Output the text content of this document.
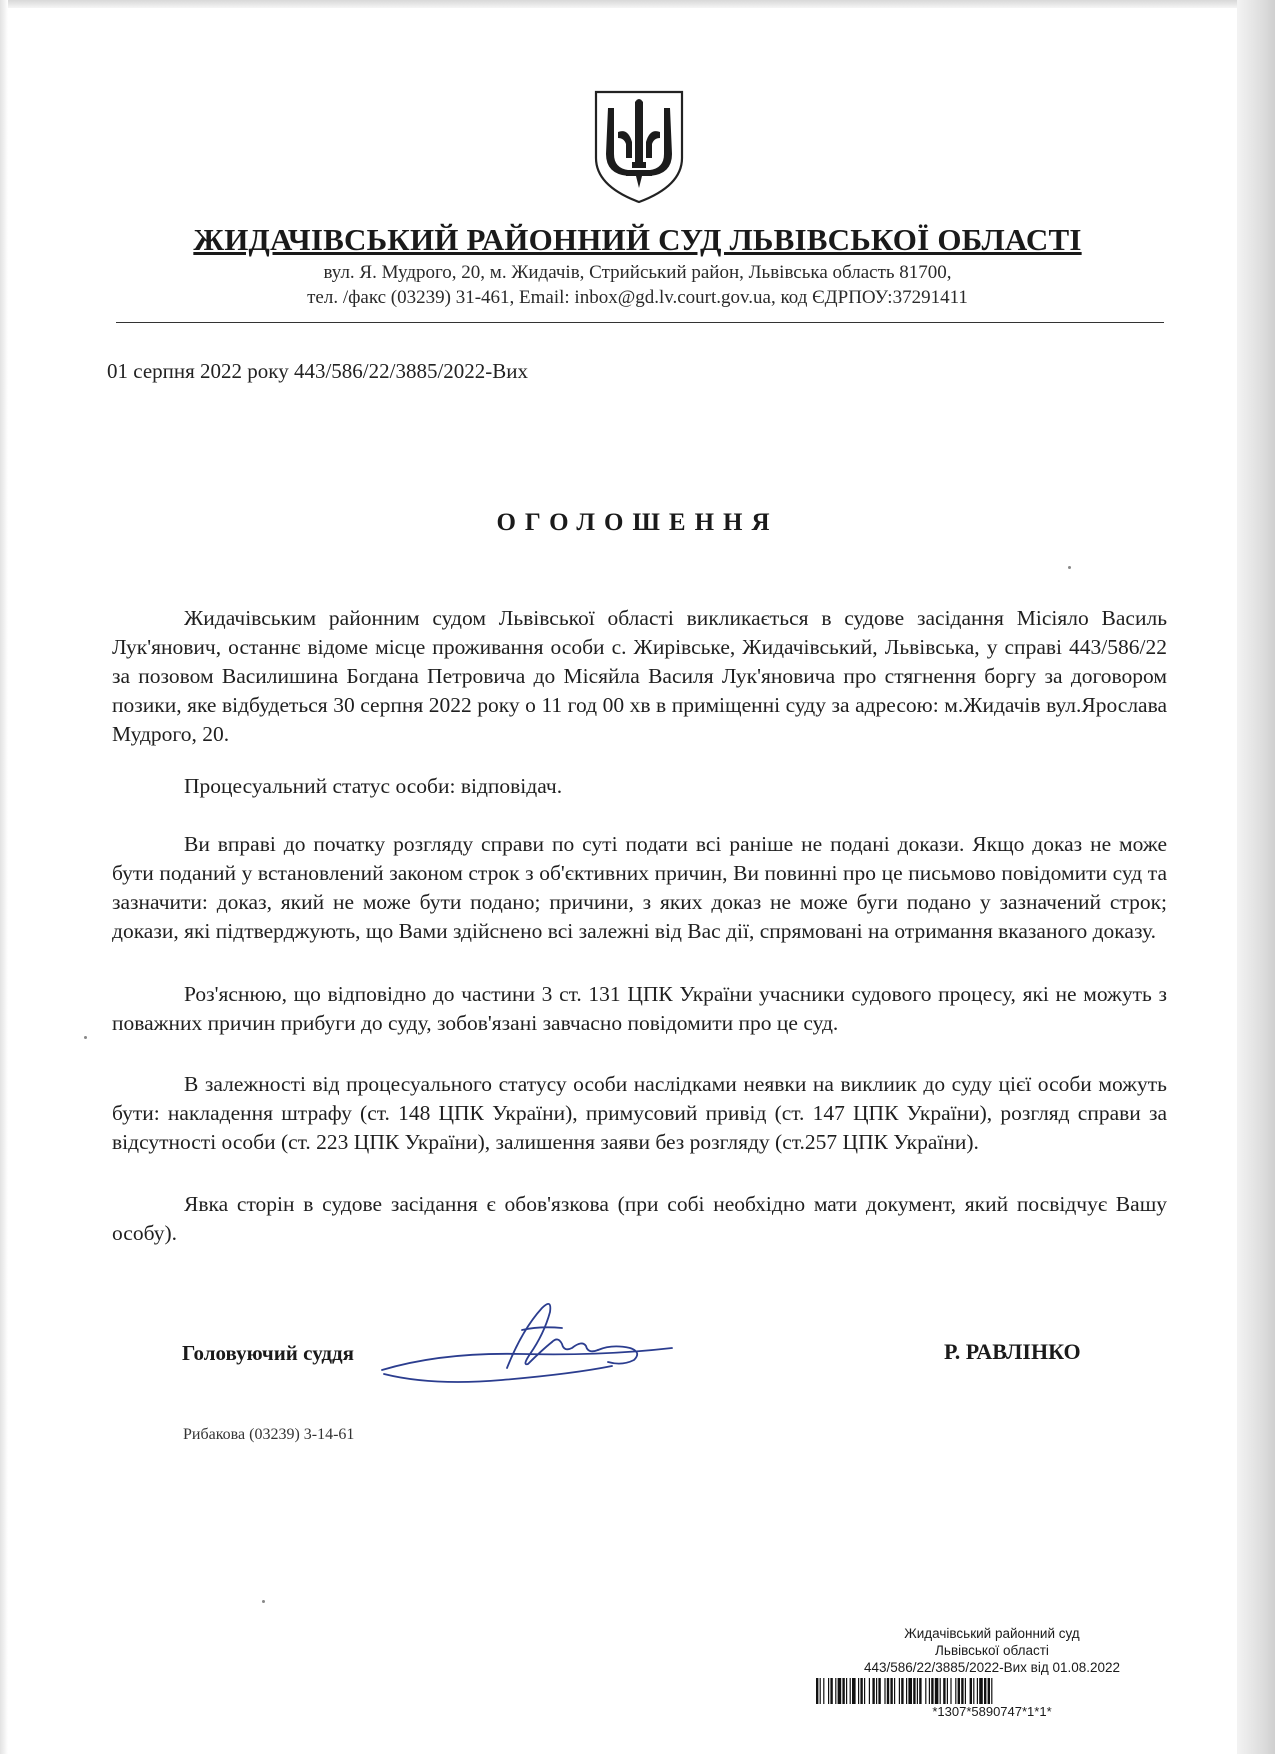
ЖИДАЧІВСЬКИЙ РАЙОННИЙ СУД ЛЬВІВСЬКОЇ ОБЛАСТІ
вул. Я. Мудрого, 20, м. Жидачів, Стрийський район, Львівська область 81700,
тел. /факс (03239) 31-461, Email: inbox@gd.lv.court.gov.ua, код ЄДРПОУ:37291411
01 серпня 2022 року 443/586/22/3885/2022-Вих
ОГОЛОШЕННЯ

Жидачівським районним судом Львівської області викликається в судове засідання Місіяло Василь Лук'янович, останнє відоме місце проживання особи с. Жирівське, Жидачівський, Львівська, у справі 443/586/22 за позовом Василишина Богдана Петровича до Місяйла Василя Лук'яновича про стягнення боргу за договором позики, яке відбудеться 30 серпня 2022 року о 11 год 00 хв в приміщенні суду за адресою: м.Жидачів вул.Ярослава Мудрого, 20.

Процесуальний статус особи: відповідач.

Ви вправі до початку розгляду справи по суті подати всі раніше не подані докази. Якщо доказ не може бути поданий у встановлений законом строк з об'єктивних причин, Ви повинні про це письмово повідомити суд та зазначити: доказ, який не може бути подано; причини, з яких доказ не може буги подано у зазначений строк; докази, які підтверджують, що Вами здійснено всі залежні від Вас дії, спрямовані на отримання вказаного доказу.

Роз'яснюю, що відповідно до частини 3 ст. 131 ЦПК України учасники судового процесу, які не можуть з поважних причин прибуги до суду, зобов'язані завчасно повідомити про це суд.

В залежності від процесуального статусу особи наслідками неявки на виклиик до суду цієї особи можуть бути: накладення штрафу (ст. 148 ЦПК України), примусовий привід (ст. 147 ЦПК України), розгляд справи за відсутності особи (ст. 223 ЦПК України), залишення заяви без розгляду (ст.257 ЦПК України).

Явка сторін в судове засідання є обов'язкова (при собі необхідно мати документ, який посвідчує Вашу особу).

Головуючий суддя	Р. РАВЛІНКО
Рибакова (03239) 3-14-61
Жидачівський районний суд
Львівської області
443/586/22/3885/2022-Вих від 01.08.2022
*1307*5890747*1*1*
